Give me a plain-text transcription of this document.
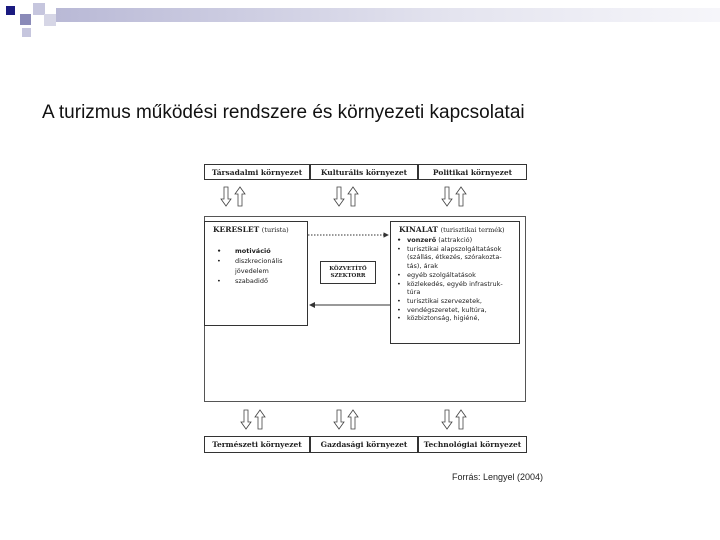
A turizmus működési rendszere és környezeti kapcsolatai
Társadalmi környezet	Kulturális környezet	Politikai környezet
KERESLET (turista)
• motiváció
• diszkrecionális
jövedelem
• szabadidő
KÖZVETÍTŐ
SZEKTORR
KINALAT (turisztikai termék)
• vonzerő (attrakció)
• turisztikai alapszolgáltatások
(szállás, étkezés, szórakozta-
tás), árak
• egyéb szolgáltatások
• közlekedés, egyéb infrastruk-
túra
• turisztikai szervezetek,
• vendégszeretet, kultúra,
• közbiztonság, higiéné,
Természeti környezet	Gazdasági környezet	Technológiai környezet
Forrás: Lengyel (2004)
